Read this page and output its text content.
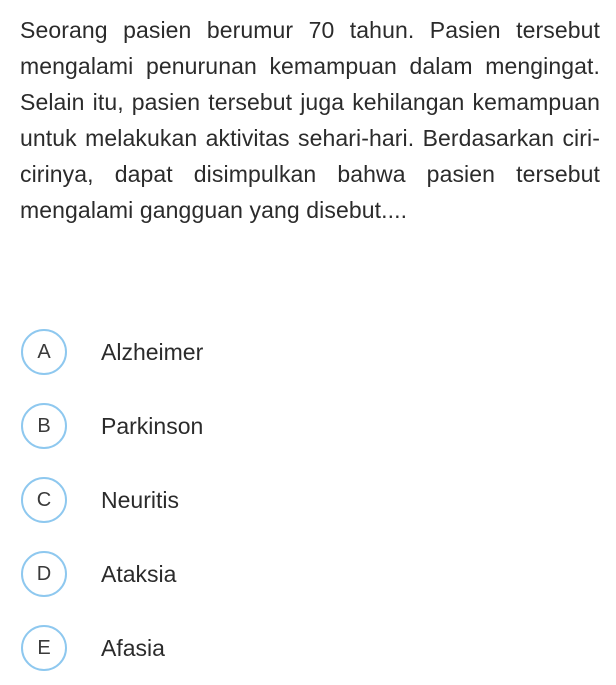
Seorang pasien berumur 70 tahun. Pasien tersebut mengalami penurunan kemampuan dalam mengingat. Selain itu, pasien tersebut juga kehilangan kemampuan untuk melakukan aktivitas sehari-hari. Berdasarkan ciri-cirinya, dapat disimpulkan bahwa pasien tersebut mengalami gangguan yang disebut....
A	Alzheimer
B	Parkinson
C	Neuritis
D	Ataksia
E	Afasia
